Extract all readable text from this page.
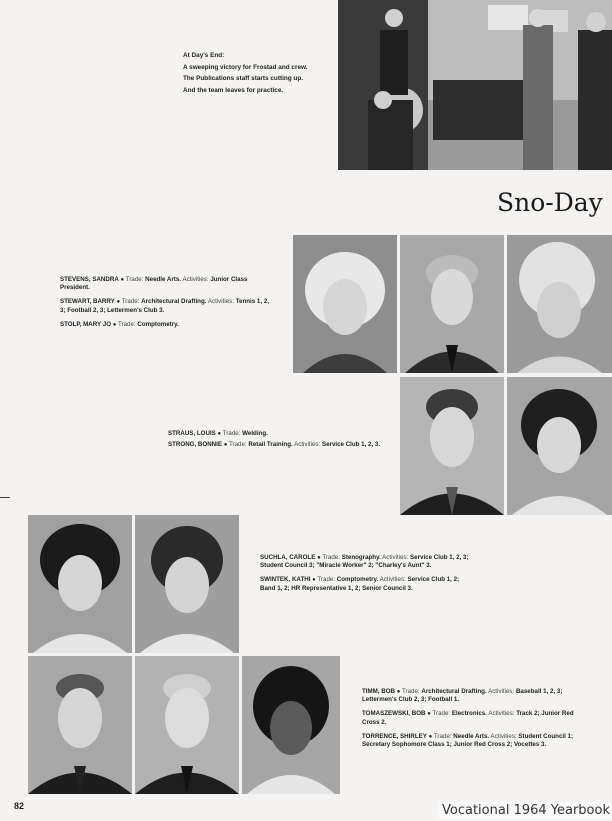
At Day's End:
A sweeping victory for Frostad and crew.
The Publications staff starts cutting up.
And the team leaves for practice.
Sno-Day
STEVENS, SANDRA ● Trade: Needle Arts. Activities: Junior Class President.
STEWART, BARRY ● Trade: Architectural Drafting. Activities: Tennis 1, 2, 3; Football 2, 3; Lettermen's Club 3.
STOLP, MARY JO ● Trade: Comptometry.
STRAUS, LOUIS ● Trade: Welding.
STRONG, BONNIE ● Trade: Retail Training. Activities: Service Club 1, 2, 3.
SUCHLA, CAROLE ● Trade: Stenography. Activities: Service Club 1, 2, 3; Student Council 3; "Miracle Worker" 2; "Charley's Aunt" 3.
SWINTEK, KATHI ● Trade: Comptometry. Activities: Service Club 1, 2; Band 1, 2; HR Representative 1, 2; Senior Council 3.
TIMM, BOB ● Trade: Architectural Drafting. Activities: Baseball 1, 2, 3; Lettermen's Club 2, 3; Football 1.
TOMASZEWSKI, BOB ● Trade: Electronics. Activities: Track 2; Junior Red Cross 2.
TORRENCE, SHIRLEY ● Trade: Needle Arts. Activities: Student Council 1; Secretary Sophomore Class 1; Junior Red Cross 2; Vocettes 3.
82	Vocational 1964 Yearbook
